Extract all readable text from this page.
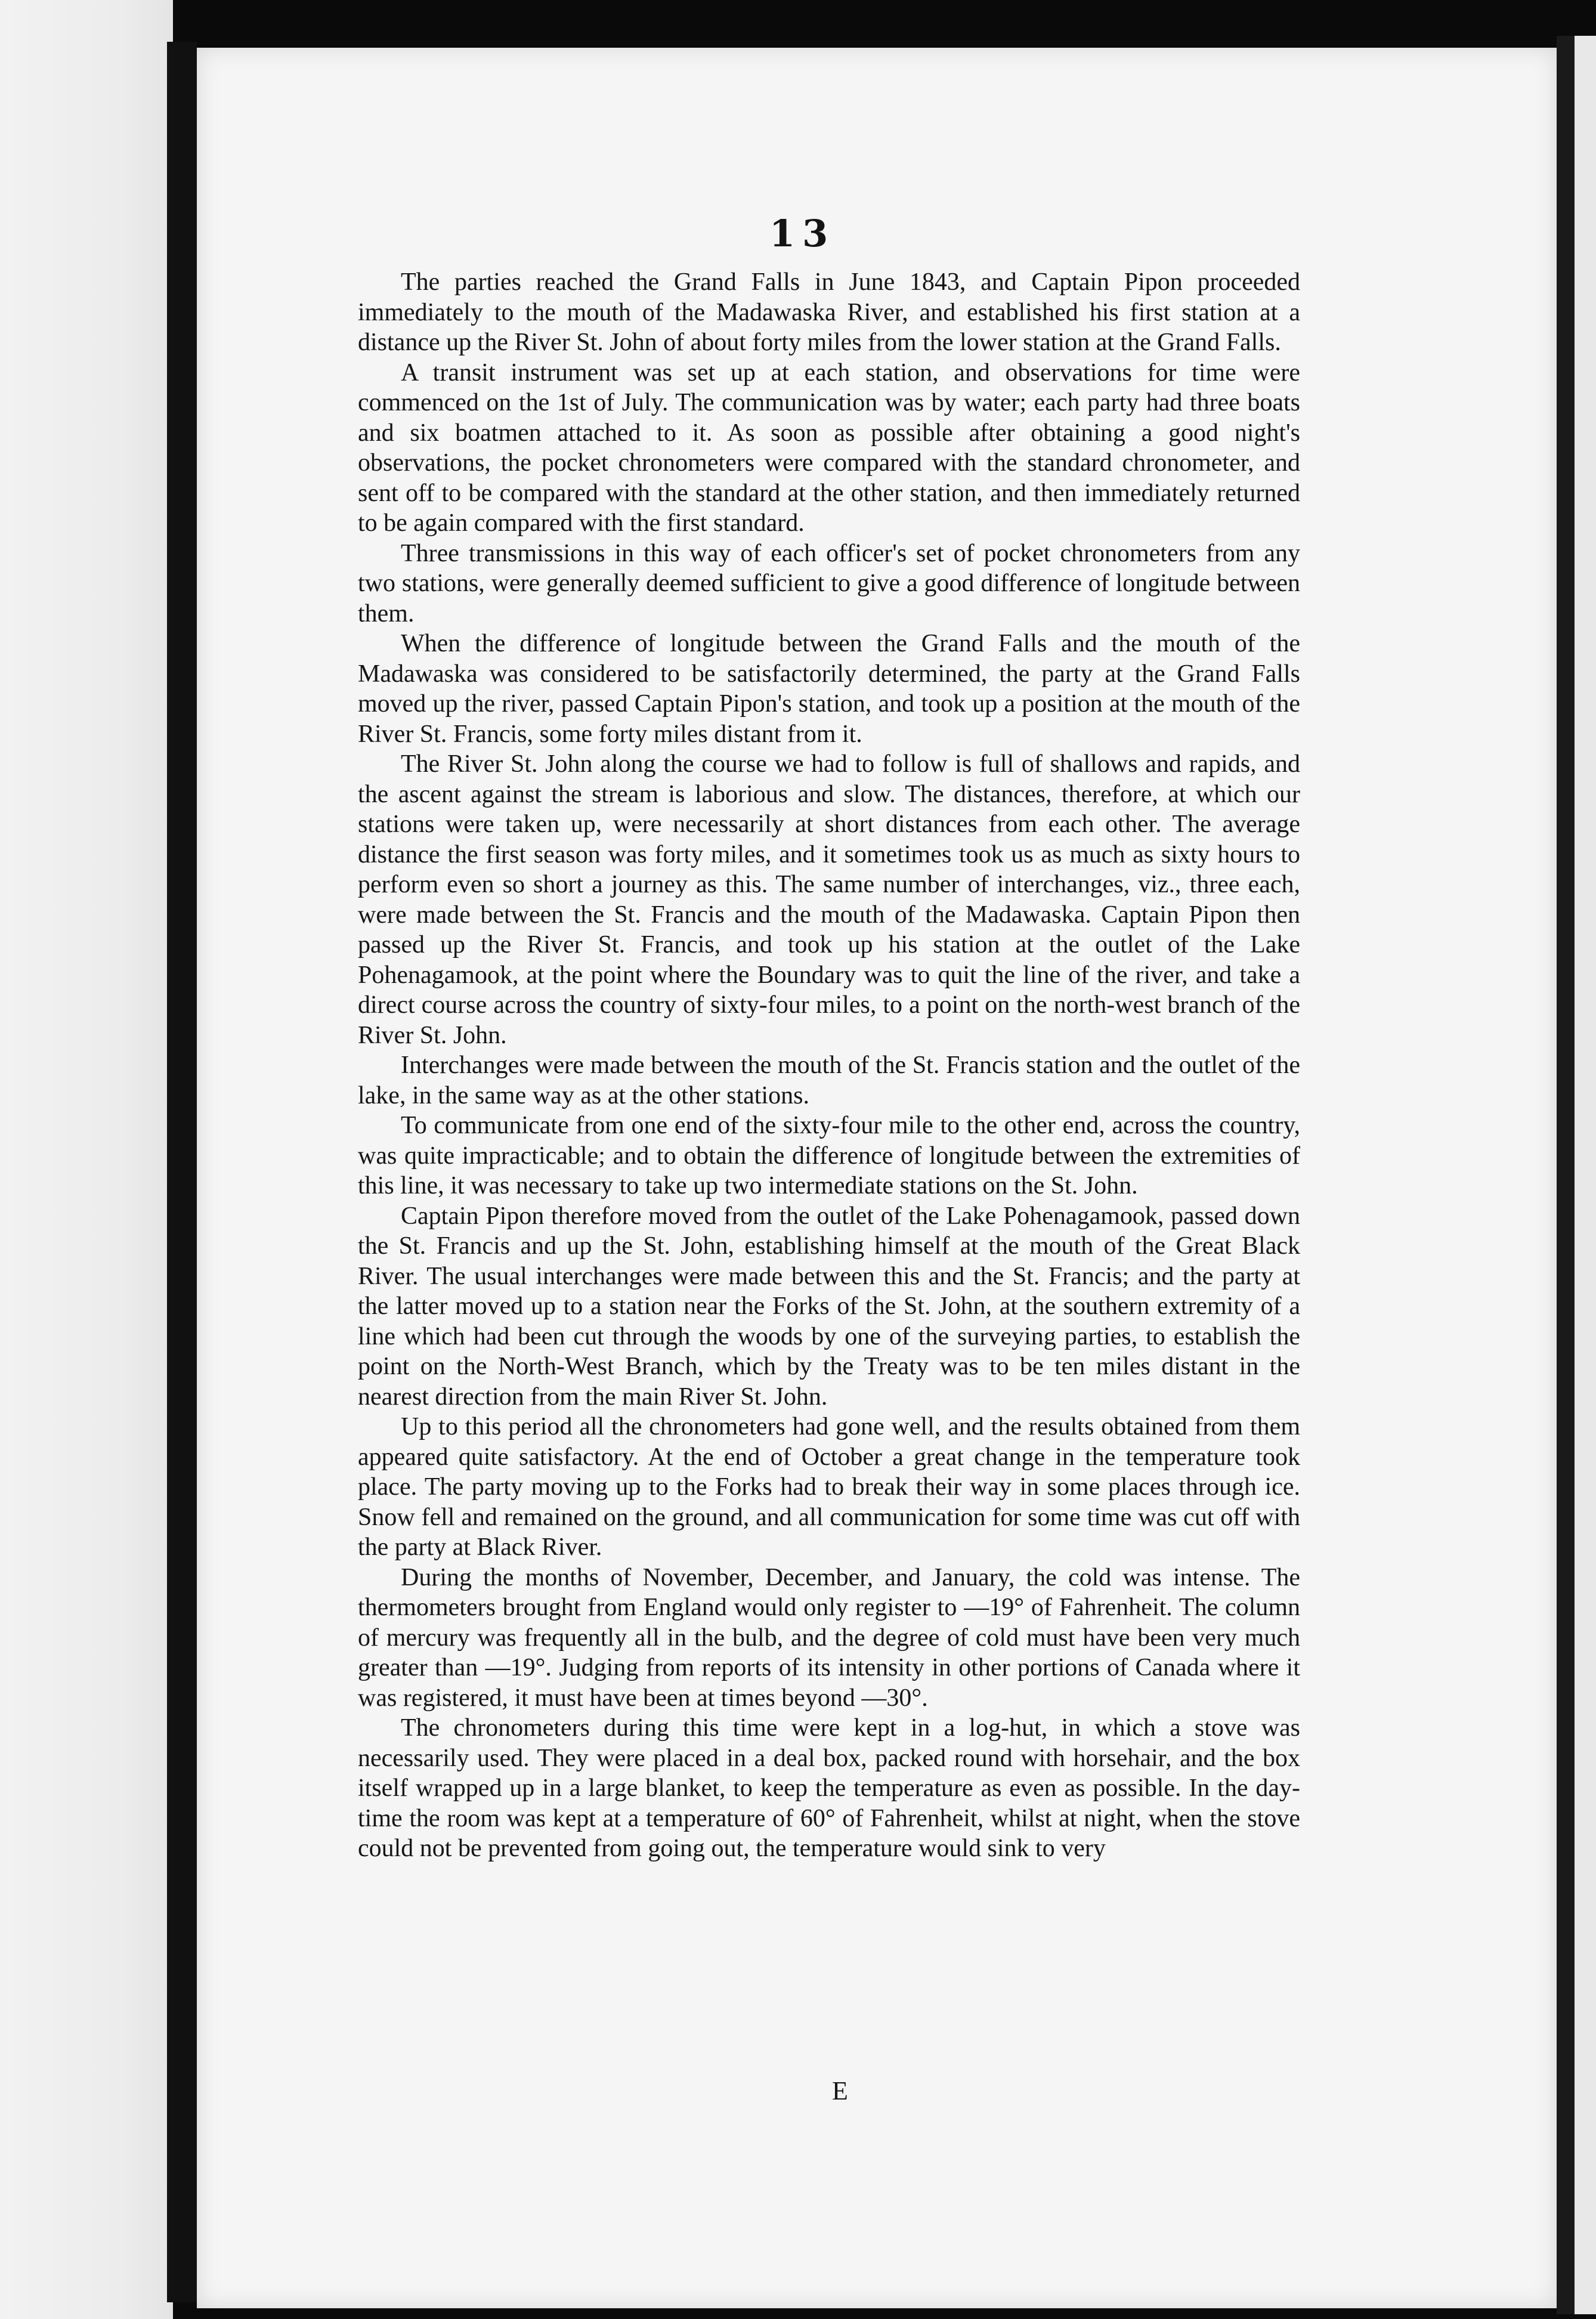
13

The parties reached the Grand Falls in June 1843, and Captain Pipon proceeded immediately to the mouth of the Madawaska River, and established his first station at a distance up the River St. John of about forty miles from the lower station at the Grand Falls.

A transit instrument was set up at each station, and observations for time were commenced on the 1st of July. The communication was by water; each party had three boats and six boatmen attached to it. As soon as possible after obtaining a good night's observations, the pocket chronometers were compared with the standard chronometer, and sent off to be compared with the standard at the other station, and then immediately returned to be again compared with the first standard.

Three transmissions in this way of each officer's set of pocket chronometers from any two stations, were generally deemed sufficient to give a good difference of longitude between them.

When the difference of longitude between the Grand Falls and the mouth of the Madawaska was considered to be satisfactorily determined, the party at the Grand Falls moved up the river, passed Captain Pipon's station, and took up a position at the mouth of the River St. Francis, some forty miles distant from it.

The River St. John along the course we had to follow is full of shallows and rapids, and the ascent against the stream is laborious and slow. The distances, therefore, at which our stations were taken up, were necessarily at short distances from each other. The average distance the first season was forty miles, and it sometimes took us as much as sixty hours to perform even so short a journey as this. The same number of interchanges, viz., three each, were made between the St. Francis and the mouth of the Madawaska. Captain Pipon then passed up the River St. Francis, and took up his station at the outlet of the Lake Pohenagamook, at the point where the Boundary was to quit the line of the river, and take a direct course across the country of sixty-four miles, to a point on the north-west branch of the River St. John.

Interchanges were made between the mouth of the St. Francis station and the outlet of the lake, in the same way as at the other stations.

To communicate from one end of the sixty-four mile to the other end, across the country, was quite impracticable; and to obtain the difference of longitude between the extremities of this line, it was necessary to take up two intermediate stations on the St. John.

Captain Pipon therefore moved from the outlet of the Lake Pohenagamook, passed down the St. Francis and up the St. John, establishing himself at the mouth of the Great Black River. The usual interchanges were made between this and the St. Francis; and the party at the latter moved up to a station near the Forks of the St. John, at the southern extremity of a line which had been cut through the woods by one of the surveying parties, to establish the point on the North-West Branch, which by the Treaty was to be ten miles distant in the nearest direction from the main River St. John.

Up to this period all the chronometers had gone well, and the results obtained from them appeared quite satisfactory. At the end of October a great change in the temperature took place. The party moving up to the Forks had to break their way in some places through ice. Snow fell and remained on the ground, and all communication for some time was cut off with the party at Black River.

During the months of November, December, and January, the cold was intense. The thermometers brought from England would only register to —19° of Fahrenheit. The column of mercury was frequently all in the bulb, and the degree of cold must have been very much greater than —19°. Judging from reports of its intensity in other portions of Canada where it was registered, it must have been at times beyond —30°.

The chronometers during this time were kept in a log-hut, in which a stove was necessarily used. They were placed in a deal box, packed round with horsehair, and the box itself wrapped up in a large blanket, to keep the temperature as even as possible. In the day-time the room was kept at a temperature of 60° of Fahrenheit, whilst at night, when the stove could not be prevented from going out, the temperature would sink to very

E
